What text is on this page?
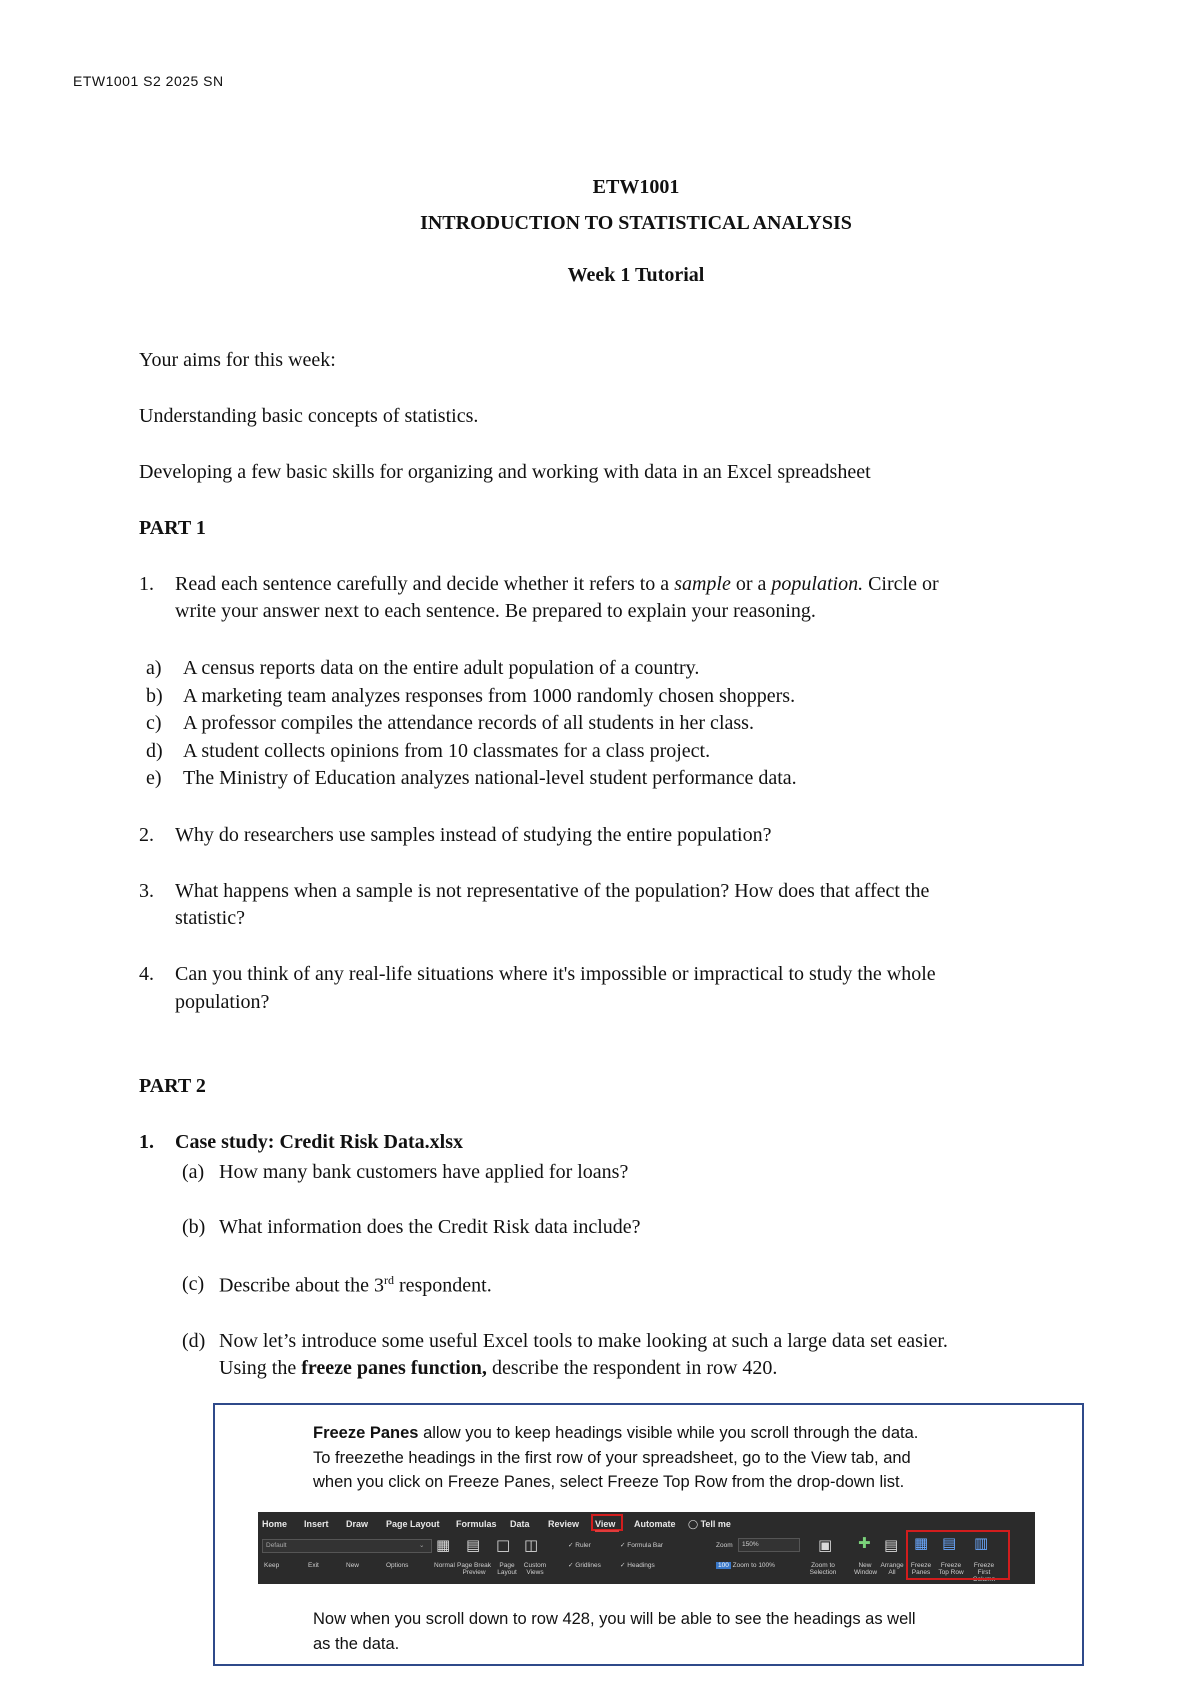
ETW1001 S2 2025 SN
ETW1001
INTRODUCTION TO STATISTICAL ANALYSIS
Week 1 Tutorial
Your aims for this week:
Understanding basic concepts of statistics.
Developing a few basic skills for organizing and working with data in an Excel spreadsheet
PART 1
1. Read each sentence carefully and decide whether it refers to a sample or a population. Circle or
write your answer next to each sentence. Be prepared to explain your reasoning.
a) A census reports data on the entire adult population of a country.
b) A marketing team analyzes responses from 1000 randomly chosen shoppers.
c) A professor compiles the attendance records of all students in her class.
d) A student collects opinions from 10 classmates for a class project.
e) The Ministry of Education analyzes national-level student performance data.
2. Why do researchers use samples instead of studying the entire population?
3. What happens when a sample is not representative of the population? How does that affect the
statistic?
4. Can you think of any real-life situations where it's impossible or impractical to study the whole
population?
PART 2
1. Case study: Credit Risk Data.xlsx
(a) How many bank customers have applied for loans?
(b) What information does the Credit Risk data include?
(c) Describe about the 3rd respondent.
(d) Now let’s introduce some useful Excel tools to make looking at such a large data set easier.
Using the freeze panes function, describe the respondent in row 420.
Freeze Panes allow you to keep headings visible while you scroll through the data.
To freezethe headings in the first row of your spreadsheet, go to the View tab, and
when you click on Freeze Panes, select Freeze Top Row from the drop-down list.
Home Insert Draw Page Layout Formulas Data Review View Automate ◯ Tell me
Default	⌄
Keep	Exit	New	Options
▦ ▤ □ ◫
Normal Page Break Preview
Page Layout
Custom Views
✓ Ruler	✓ Formula Bar
✓ Gridlines	✓ Headings
Zoom 150%
100 Zoom to 100%
▣
Zoom to Selection
✚ ▤
New Window
Arrange All
▦ ▤ ▥
Freeze Panes
Freeze Top Row
Freeze First Column
Now when you scroll down to row 428, you will be able to see the headings as well
as the data.
